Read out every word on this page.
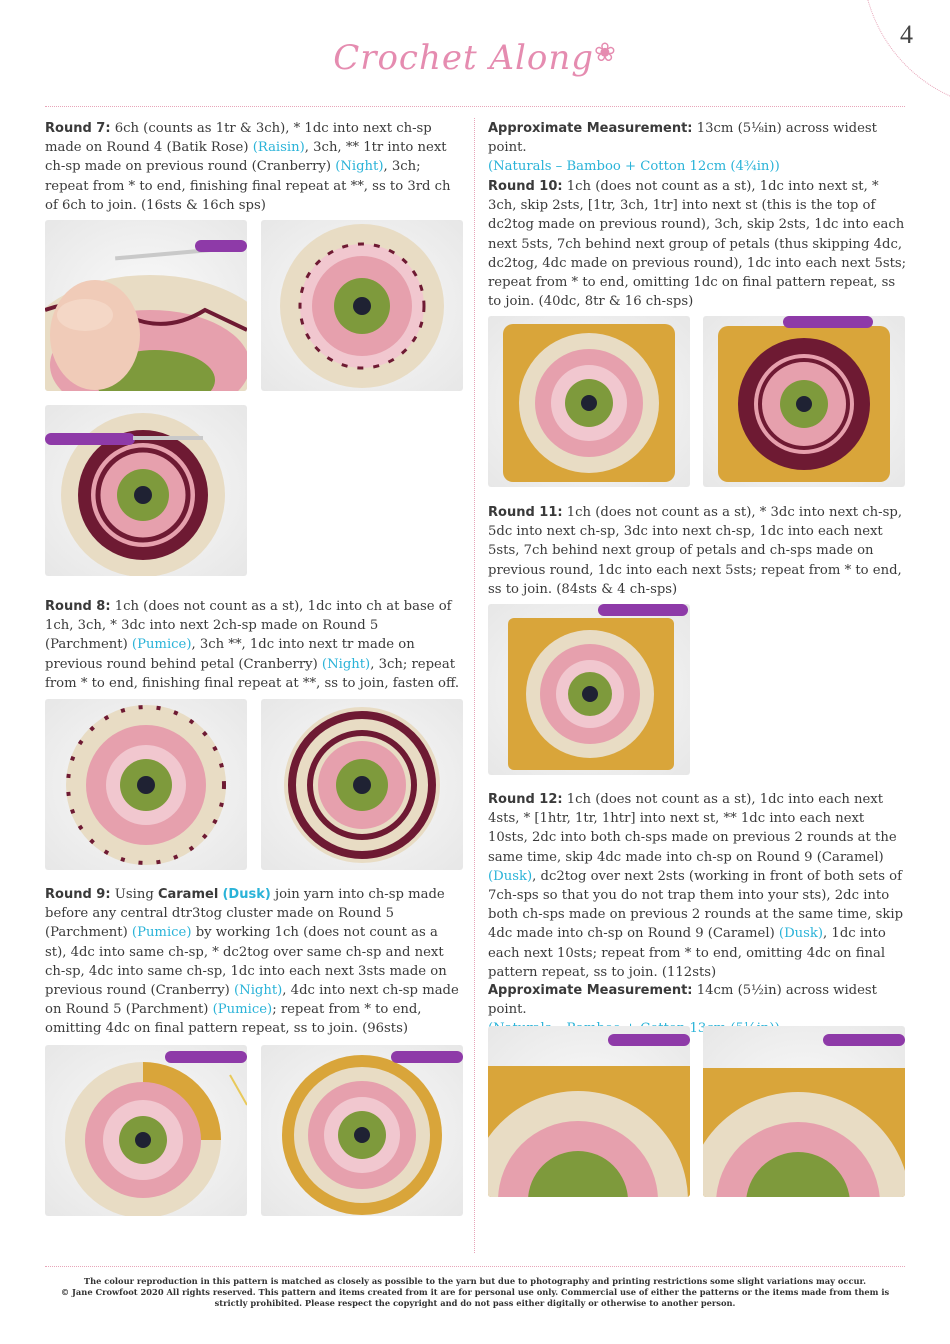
4
Crochet Along❀
Round 7: 6ch (counts as 1tr & 3ch), * 1dc into next ch-sp made on Round 4 (Batik Rose) (Raisin), 3ch, ** 1tr into next ch-sp made on previous round (Cranberry) (Night), 3ch; repeat from * to end, finishing final repeat at **, ss to 3rd ch of 6ch to join. (16sts & 16ch sps)
Round 8: 1ch (does not count as a st), 1dc into ch at base of 1ch, 3ch, * 3dc into next 2ch-sp made on Round 5 (Parchment) (Pumice), 3ch **, 1dc into next tr made on previous round behind petal (Cranberry) (Night), 3ch; repeat from * to end, finishing final repeat at **, ss to join, fasten off.
Round 9: Using Caramel (Dusk) join yarn into ch-sp made before any central dtr3tog cluster made on Round 5 (Parchment) (Pumice) by working 1ch (does not count as a st), 4dc into same ch-sp, * dc2tog over same ch-sp and next ch-sp, 4dc into same ch-sp, 1dc into each next 3sts made on previous round (Cranberry) (Night), 4dc into next ch-sp made on Round 5 (Parchment) (Pumice); repeat from * to end, omitting 4dc on final pattern repeat, ss to join. (96sts)
Approximate Measurement: 13cm (5⅛in) across widest point.
(Naturals – Bamboo + Cotton 12cm (4¾in))
Round 10: 1ch (does not count as a st), 1dc into next st, * 3ch, skip 2sts, [1tr, 3ch, 1tr] into next st (this is the top of dc2tog made on previous round), 3ch, skip 2sts, 1dc into each next 5sts, 7ch behind next group of petals (thus skipping 4dc, dc2tog, 4dc made on previous round), 1dc into each next 5sts; repeat from * to end, omitting 1dc on final pattern repeat, ss to join. (40dc, 8tr & 16 ch-sps)
Round 11: 1ch (does not count as a st), * 3dc into next ch-sp, 5dc into next ch-sp, 3dc into next ch-sp, 1dc into each next 5sts, 7ch behind next group of petals and ch-sps made on previous round, 1dc into each next 5sts; repeat from * to end, ss to join. (84sts & 4 ch-sps)
Round 12: 1ch (does not count as a st), 1dc into each next 4sts, * [1htr, 1tr, 1htr] into next st, ** 1dc into each next 10sts, 2dc into both ch-sps made on previous 2 rounds at the same time, skip 4dc made into ch-sp on Round 9 (Caramel) (Dusk), dc2tog over next 2sts (working in front of both sets of 7ch-sps so that you do not trap them into your sts), 2dc into both ch-sps made on previous 2 rounds at the same time, skip 4dc made into ch-sp on Round 9 (Caramel) (Dusk), 1dc into each next 10sts; repeat from * to end, omitting 4dc on final pattern repeat, ss to join. (112sts)
Approximate Measurement: 14cm (5½in) across widest point.

The colour reproduction in this pattern is matched as closely as possible to the yarn but due to photography and printing restrictions some slight variations may occur.

© Jane Crowfoot 2020 All rights reserved. This pattern and items created from it are for personal use only. Commercial use of either the patterns or the items made from them is strictly prohibited. Please respect the copyright and do not pass either digitally or otherwise to another person.
